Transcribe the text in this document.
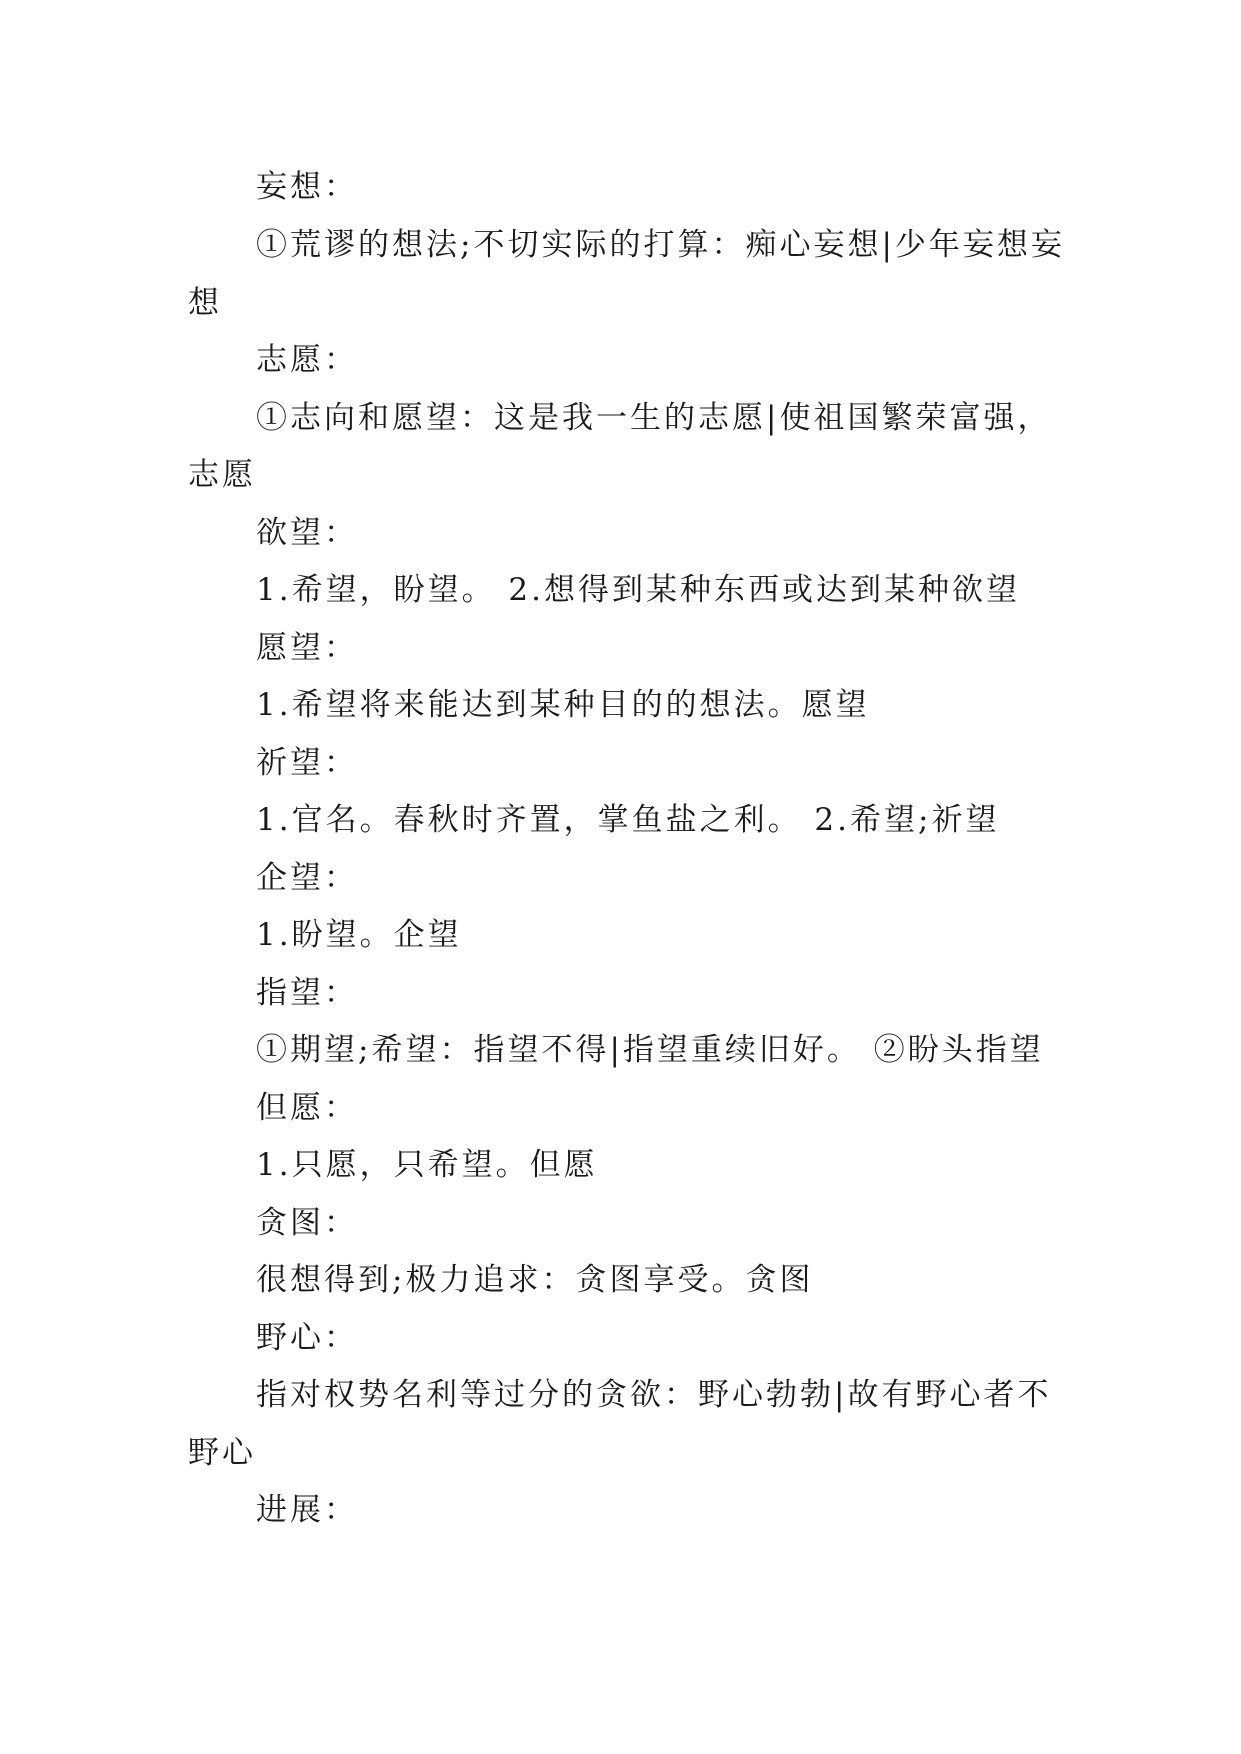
妄想：
①荒谬的想法;不切实际的打算：痴心妄想|少年妄想妄
想
志愿：
①志向和愿望：这是我一生的志愿|使祖国繁荣富强，
志愿
欲望：
1.希望，盼望。 2.想得到某种东西或达到某种欲望
愿望：
1.希望将来能达到某种目的的想法。愿望
祈望：
1.官名。春秋时齐置，掌鱼盐之利。 2.希望;祈望
企望：
1.盼望。企望
指望：
①期望;希望：指望不得|指望重续旧好。 ②盼头指望
但愿：
1.只愿，只希望。但愿
贪图：
很想得到;极力追求：贪图享受。贪图
野心：
指对权势名利等过分的贪欲：野心勃勃|故有野心者不
野心
进展：
